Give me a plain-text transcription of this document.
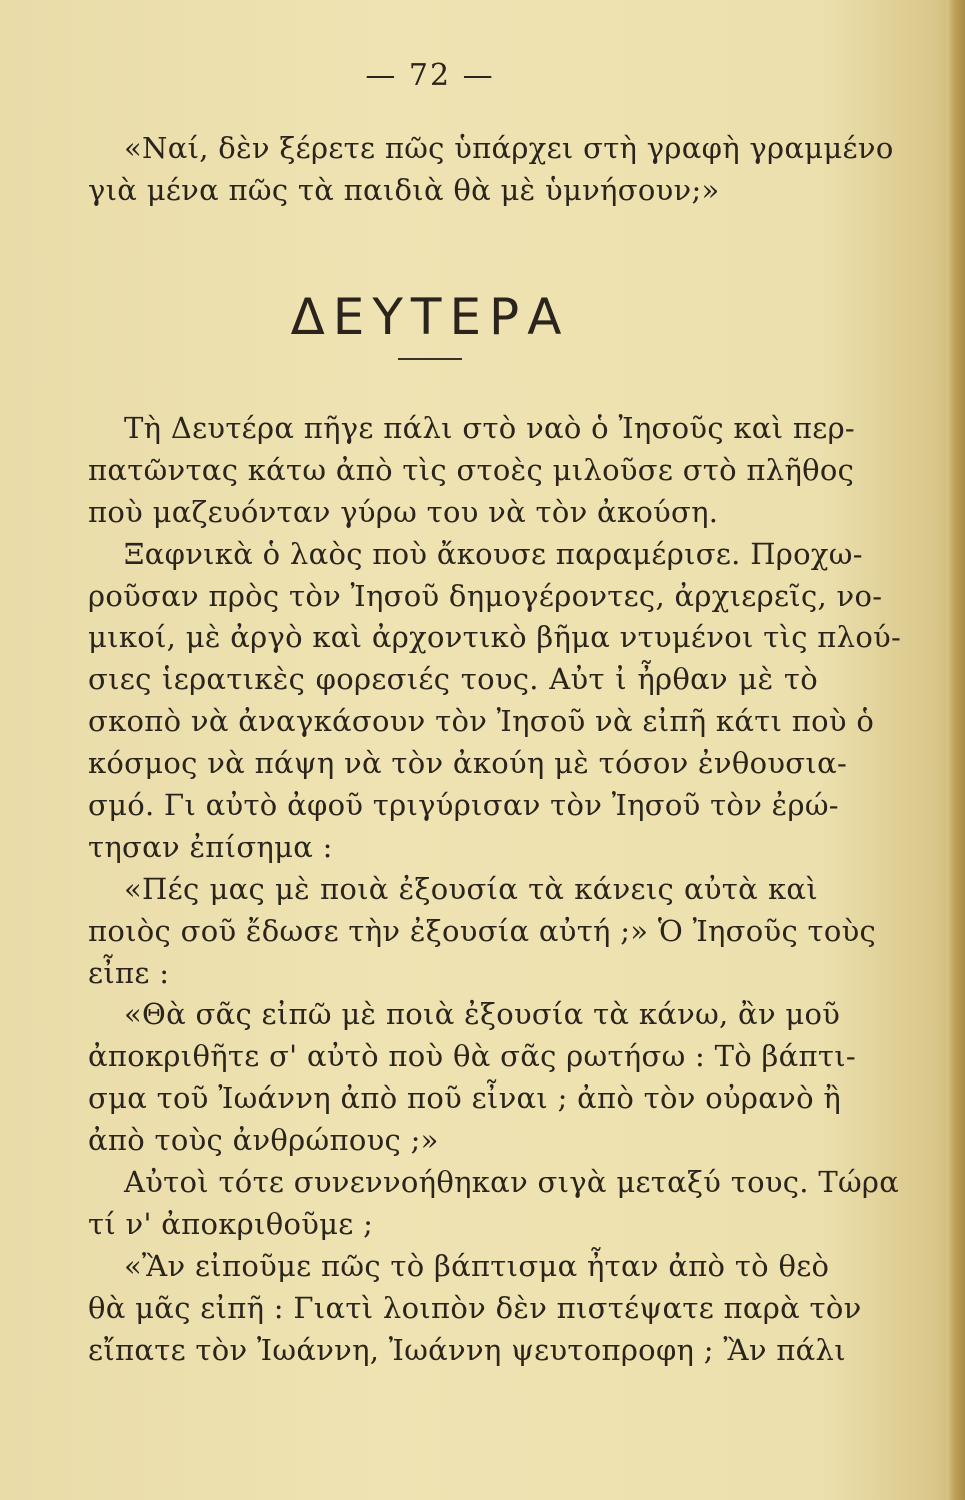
— 72 —
«Ναί, δὲν ξέρετε πῶς ὑπάρχει στὴ γραφὴ γραμμένο
γιὰ μένα πῶς τὰ παιδιὰ θὰ μὲ ὑμνήσουν;»
ΔΕΥΤΕΡΑ
Τὴ Δευτέρα πῆγε πάλι στὸ ναὸ ὁ Ἰησοῦς καὶ περ-
πατῶντας κάτω ἀπὸ τὶς στοὲς μιλοῦσε στὸ πλῆθος
ποὺ μαζευόνταν γύρω του νὰ τὸν ἀκούση.
Ξαφνικὰ ὁ λαὸς ποὺ ἄκουσε παραμέρισε. Προχω-
ροῦσαν πρὸς τὸν Ἰησοῦ δημογέροντες, ἀρχιερεῖς, νο-
μικοί, μὲ ἀργὸ καὶ ἀρχοντικὸ βῆμα ντυμένοι τὶς πλού-
σιες ἱερατικὲς φορεσιές τους. Αὐτ ἰ ἦρθαν μὲ τὸ
σκοπὸ νὰ ἀναγκάσουν τὸν Ἰησοῦ νὰ εἰπῆ κάτι ποὺ ὁ
κόσμος νὰ πάψη νὰ τὸν ἀκούη μὲ τόσον ἐνθουσια-
σμό. Γι αὐτὸ ἀφοῦ τριγύρισαν τὸν Ἰησοῦ τὸν ἐρώ-
τησαν ἐπίσημα :
«Πές μας μὲ ποιὰ ἐξουσία τὰ κάνεις αὐτὰ καὶ
ποιὸς σοῦ ἔδωσε τὴν ἐξουσία αὐτή ;» Ὁ Ἰησοῦς τοὺς
εἶπε :
«Θὰ σᾶς εἰπῶ μὲ ποιὰ ἐξουσία τὰ κάνω, ἂν μοῦ
ἀποκριθῆτε σ' αὐτὸ ποὺ θὰ σᾶς ρωτήσω : Τὸ βάπτι-
σμα τοῦ Ἰωάννη ἀπὸ ποῦ εἶναι ; ἀπὸ τὸν οὐρανὸ ἢ
ἀπὸ τοὺς ἀνθρώπους ;»
Αὐτοὶ τότε συνεννοήθηκαν σιγὰ μεταξύ τους. Τώρα
τί ν' ἀποκριθοῦμε ;
«Ἂν εἰποῦμε πῶς τὸ βάπτισμα ἦταν ἀπὸ τὸ θεὸ
θὰ μᾶς εἰπῆ : Γιατὶ λοιπὸν δὲν πιστέψατε παρὰ τὸν
εἴπατε τὸν Ἰωάννη, Ἰωάννη ψευτοπροφη ; Ἂν πάλι
